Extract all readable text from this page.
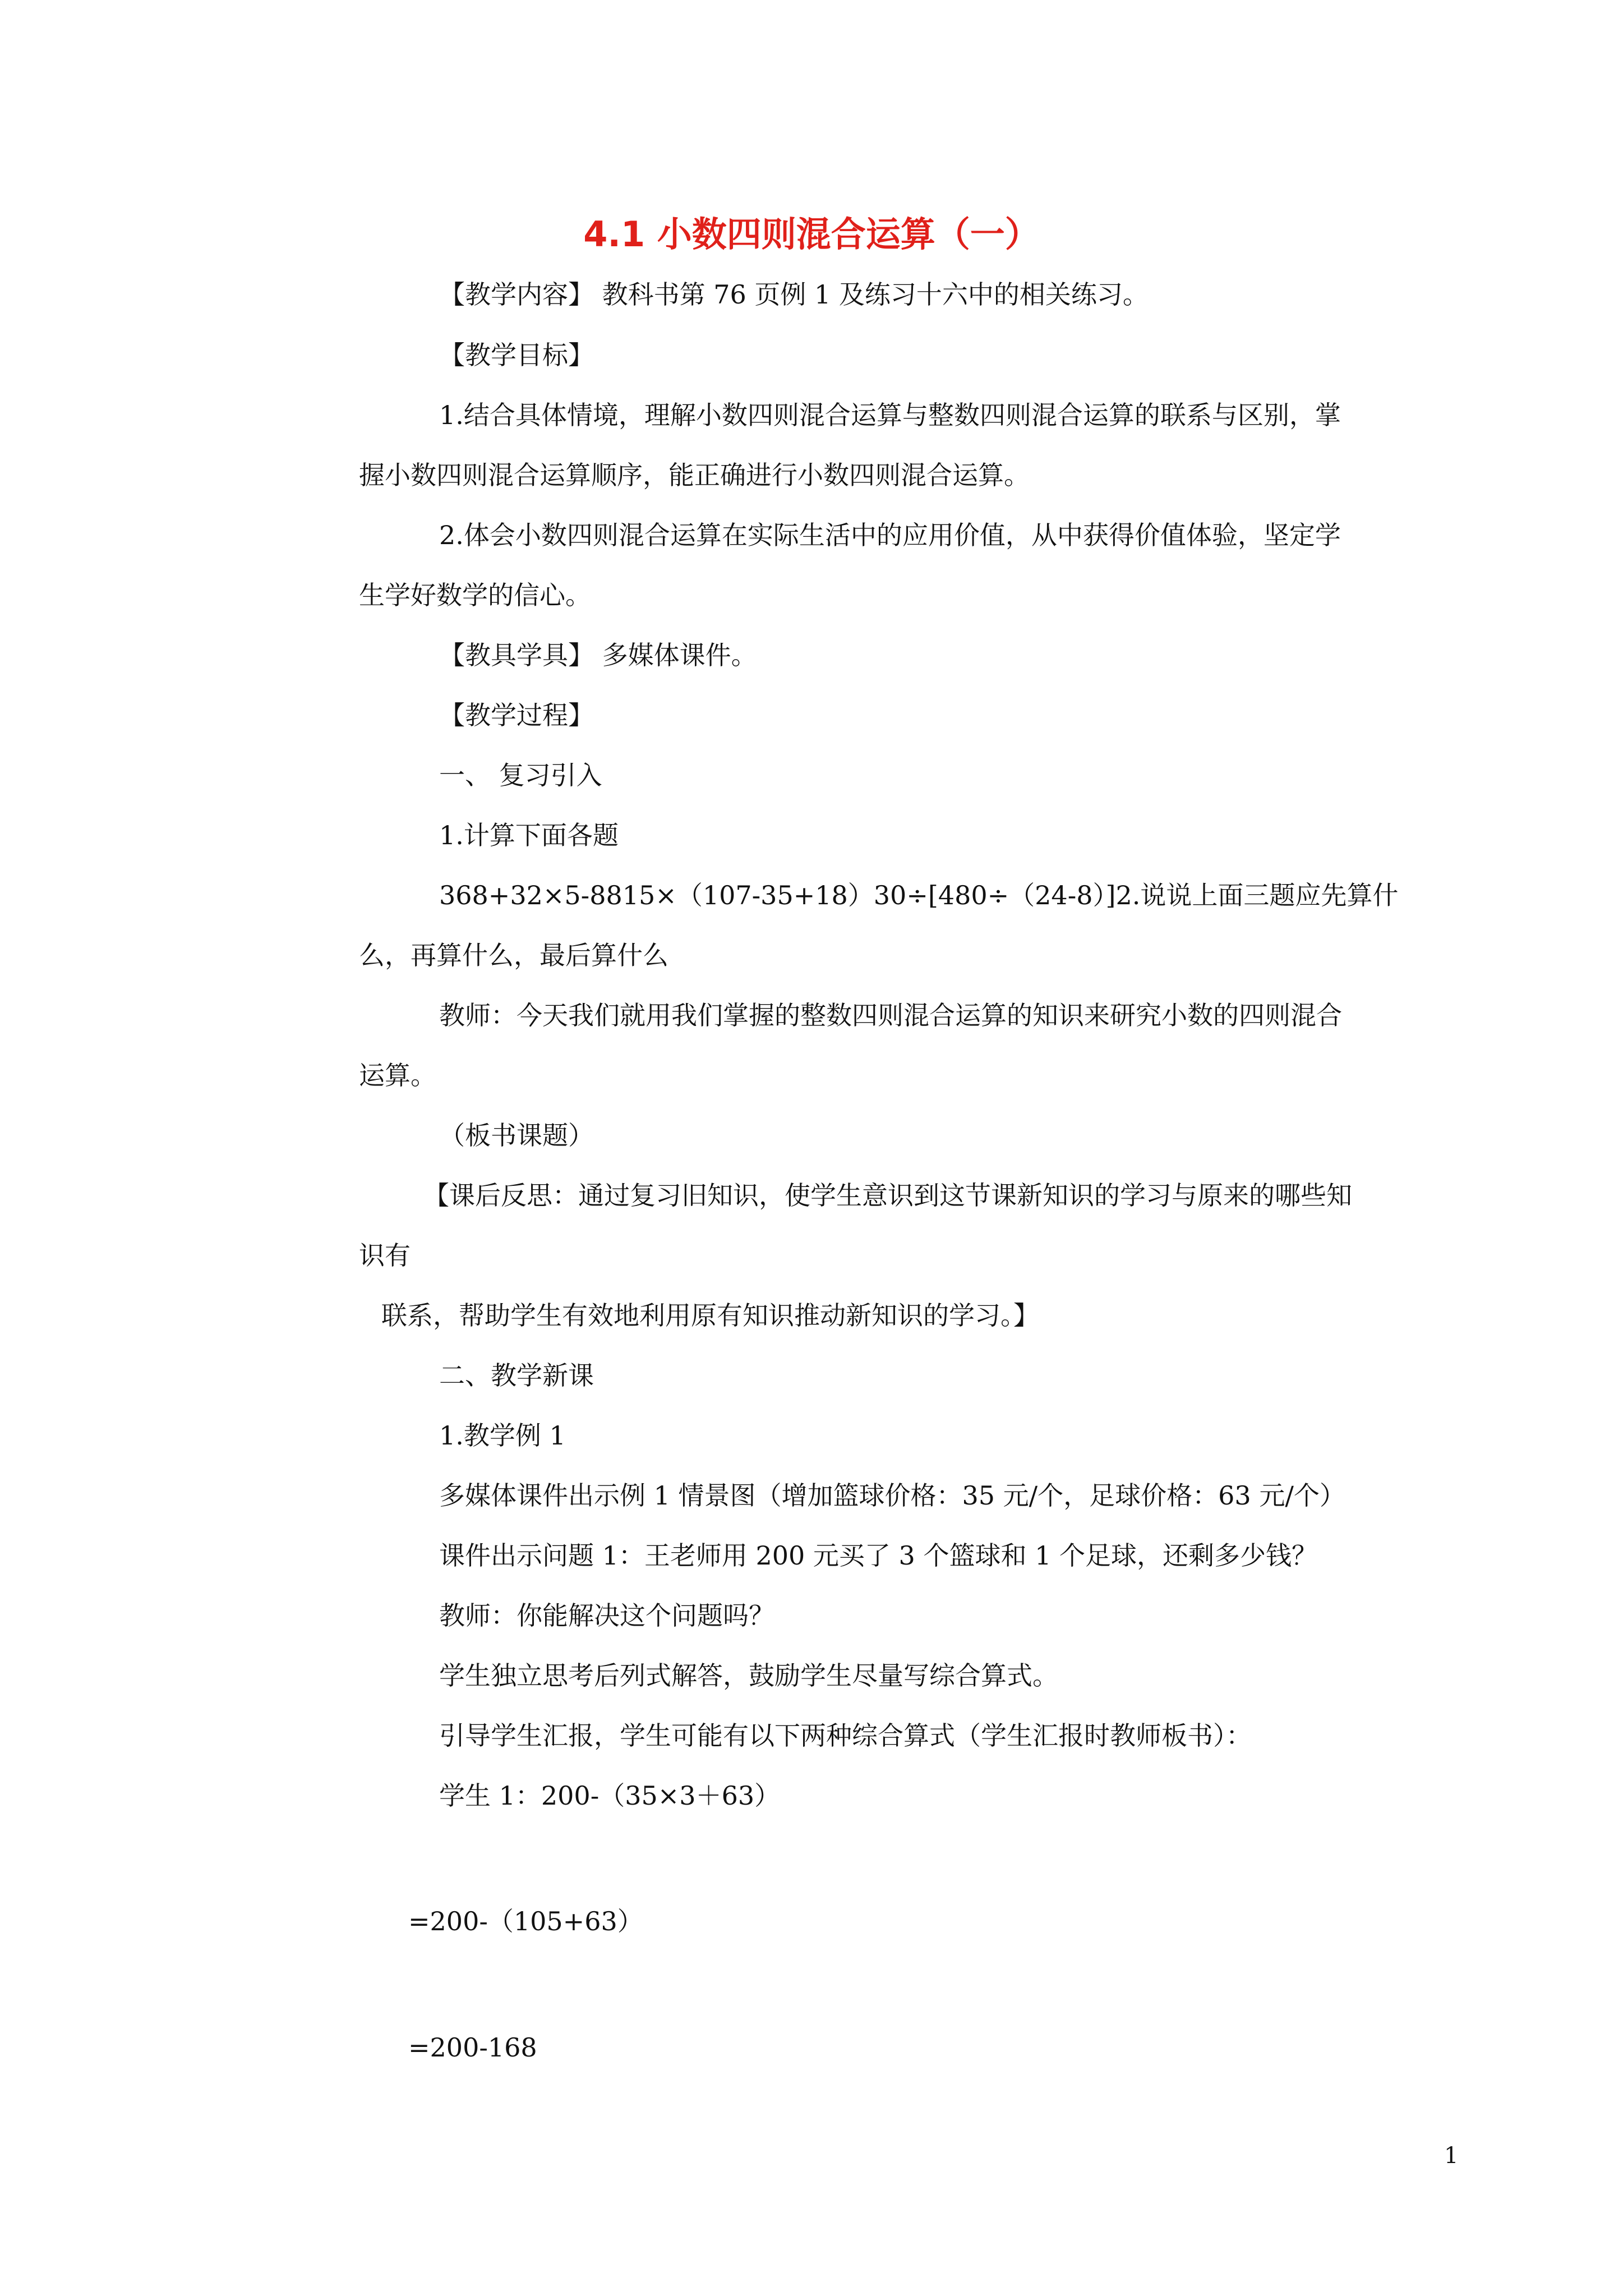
4.1 小数四则混合运算（一）
【教学内容】 教科书第 76 页例 1 及练习十六中的相关练习。
【教学目标】
1.结合具体情境，理解小数四则混合运算与整数四则混合运算的联系与区别，掌
握小数四则混合运算顺序，能正确进行小数四则混合运算。
2.体会小数四则混合运算在实际生活中的应用价值，从中获得价值体验，坚定学
生学好数学的信心。
【教具学具】 多媒体课件。
【教学过程】
一、 复习引入
1.计算下面各题
368+32×5-8815×（107-35+18）30÷[480÷（24-8）]2.说说上面三题应先算什
么，再算什么，最后算什么
教师：今天我们就用我们掌握的整数四则混合运算的知识来研究小数的四则混合
运算。
（板书课题）
【课后反思：通过复习旧知识，使学生意识到这节课新知识的学习与原来的哪些知
识有
联系，帮助学生有效地利用原有知识推动新知识的学习。】
二、教学新课
1.教学例 1
多媒体课件出示例 1 情景图（增加篮球价格：35 元/个，足球价格：63 元/个）
课件出示问题 1：王老师用 200 元买了 3 个篮球和 1 个足球，还剩多少钱？
教师：你能解决这个问题吗？
学生独立思考后列式解答，鼓励学生尽量写综合算式。
引导学生汇报，学生可能有以下两种综合算式（学生汇报时教师板书）：
学生 1：200-（35×3＋63）
=200-（105+63）
=200-168
1
